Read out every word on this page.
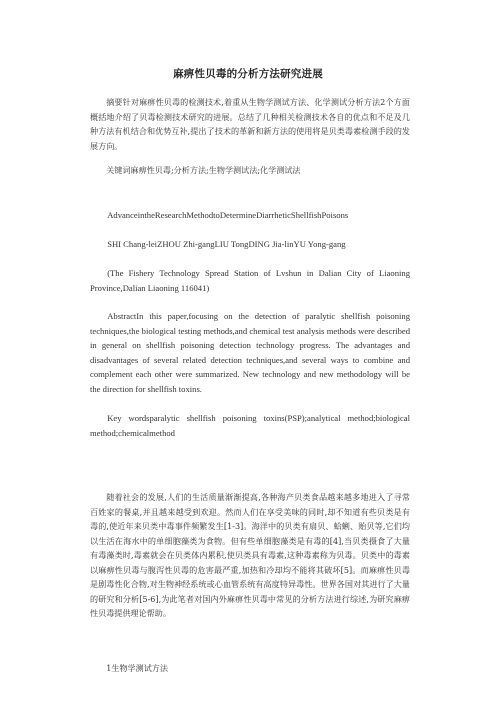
麻痹性贝毒的分析方法研究进展

摘要针对麻痹性贝毒的检测技术,着重从生物学测试方法、化学测试分析方法2个方面概括地介绍了贝毒检测技术研究的进展。总结了几种相关检测技术各自的优点和不足及几种方法有机结合和优势互补,提出了技术的革新和新方法的使用将是贝类毒素检测手段的发展方向。

关键词麻痹性贝毒;分析方法;生物学测试法;化学测试法
AdvanceintheResearchMethodtoDetermineDiarrheticShellfishPoisons
SHI Chang-leiZHOU Zhi-gangLIU TongDING Jia-linYU Yong-gang

(The Fishery Technology Spread Station of Lvshun in Dalian City of Liaoning Province,Dalian Liaoning 116041)

AbstractIn this paper,focusing on the detection of paralytic shellfish poisoning techniques,the biological testing methods,and chemical test analysis methods were described in general on shellfish poisoning detection technology progress. The advantages and disadvantages of several related detection techniques,and several ways to combine and complement each other were summarized. New technology and new methodology will be the direction for shellfish toxins.

Key wordsparalytic shellfish poisoning toxins(PSP);analytical method;biological method;chemicalmethod

随着社会的发展,人们的生活质量渐渐提高,各种海产贝类食品越来越多地进入了寻常百姓家的餐桌,并且越来越受到欢迎。然而人们在享受美味的同时,却不知道有些贝类是有毒的,使近年来贝类中毒事件频繁发生[1-3]。海洋中的贝类有扇贝、蛤蜊、贻贝等,它们均以生活在海水中的单细胞藻类为食物。但有些单细胞藻类是有毒的[4],当贝类摄食了大量有毒藻类时,毒素就会在贝类体内累积,使贝类具有毒素,这种毒素称为贝毒。贝类中的毒素以麻痹性贝毒与腹泻性贝毒的危害最严重,加热和冷却均不能将其破坏[5]。而麻痹性贝毒是剧毒性化合物,对生物神经系统或心血管系统有高度特异毒性。世界各国对其进行了大量的研究和分析[5-6],为此笔者对国内外麻痹性贝毒中常见的分析方法进行综述,为研究麻痹性贝毒提供理论帮助。

1生物学测试方法
